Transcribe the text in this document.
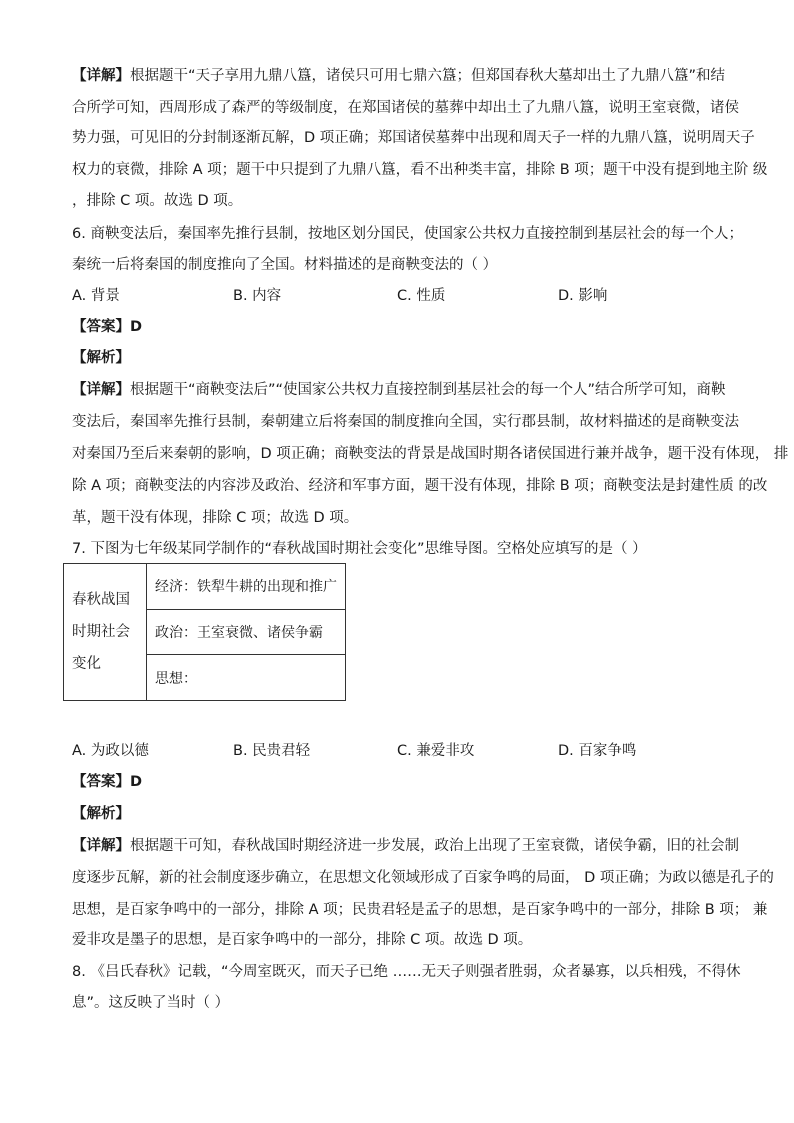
【详解】根据题干“天子享用九鼎八簋，诸侯只可用七鼎六簋；但郑国春秋大墓却出土了九鼎八簋”和结
合所学可知，西周形成了森严的等级制度，在郑国诸侯的墓葬中却出土了九鼎八簋，说明王室衰微，诸侯
势力强，可见旧的分封制逐渐瓦解，D 项正确；郑国诸侯墓葬中出现和周天子一样的九鼎八簋，说明周天子
权力的衰微，排除 A 项；题干中只提到了九鼎八簋，看不出种类丰富，排除 B 项；题干中没有提到地主阶 级
，排除 C 项。故选 D 项。
6. 商鞅变法后，秦国率先推行县制，按地区划分国民，使国家公共权力直接控制到基层社会的每一个人；
秦统一后将秦国的制度推向了全国。材料描述的是商鞅变法的（ ）
A. 背景	B. 内容	C. 性质	D. 影响
【答案】D
【解析】
【详解】根据题干“商鞅变法后”“使国家公共权力直接控制到基层社会的每一个人”结合所学可知，商鞅
变法后，秦国率先推行县制，秦朝建立后将秦国的制度推向全国，实行郡县制，故材料描述的是商鞅变法
对秦国乃至后来秦朝的影响，D 项正确；商鞅变法的背景是战国时期各诸侯国进行兼并战争，题干没有体现， 排
除 A 项；商鞅变法的内容涉及政治、经济和军事方面，题干没有体现，排除 B 项；商鞅变法是封建性质 的改
革，题干没有体现，排除 C 项；故选 D 项。
7. 下图为七年级某同学制作的“春秋战国时期社会变化”思维导图。空格处应填写的是（ ）
春秋战国
时期社会
变化
	经济：铁犁牛耕的出现和推广
政治：王室衰微、诸侯争霸
思想：
A. 为政以德	B. 民贵君轻	C. 兼爱非攻	D. 百家争鸣
【答案】D
【解析】
【详解】根据题干可知，春秋战国时期经济进一步发展，政治上出现了王室衰微，诸侯争霸，旧的社会制
度逐步瓦解，新的社会制度逐步确立，在思想文化领域形成了百家争鸣的局面， D 项正确；为政以德是孔子的
思想，是百家争鸣中的一部分，排除 A 项；民贵君轻是孟子的思想，是百家争鸣中的一部分，排除 B 项； 兼
爱非攻是墨子的思想，是百家争鸣中的一部分，排除 C 项。故选 D 项。
8. 《吕氏春秋》记载，“今周室既灭，而天子已绝 ……无天子则强者胜弱，众者暴寡，以兵相残，不得休
息”。这反映了当时（ ）
